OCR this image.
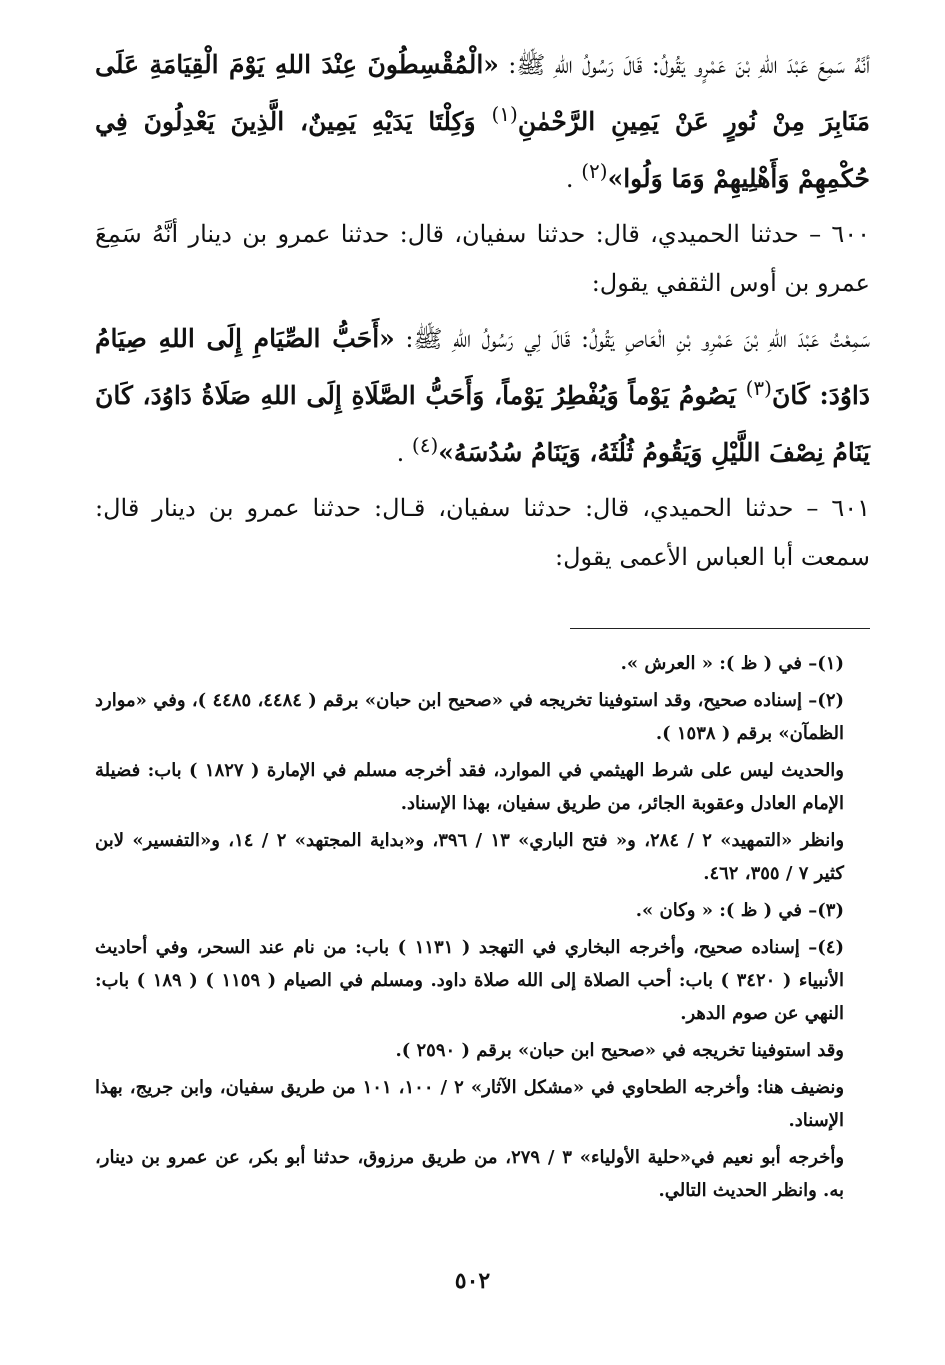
أنَّهُ سَمِعَ عَبْدَ اللهِ بْنَ عَمْرٍو يَقُولُ: قَالَ رَسُولُ اللهِ ﷺ: «الْمُقْسِطُونَ عِنْدَ اللهِ يَوْمَ الْقِيَامَةِ عَلَى مَنَابِرَ مِنْ نُورٍ عَنْ يَمِينِ الرَّحْمٰنِ$^{(١)}$ وَكِلْتَا يَدَيْهِ يَمِينٌ، الَّذِينَ يَعْدِلُونَ فِي حُكْمِهِمْ وَأَهْلِيهِمْ وَمَا وَلُوا»$^{(٢)}$ .

٦٠٠ – حدثنا الحميدي، قال: حدثنا سفيان، قال: حدثنا عمرو بن دينار أنَّهُ سَمِعَ عمرو بن أوس الثقفي يقول:

سَمِعْتُ عَبْدَ اللهِ بْنَ عَمْرِو بْنِ الْعَاصِ يَقُولُ: قَالَ لِي رَسُولُ اللهِ ﷺ: «أَحَبُّ الصِّيَامِ إِلَى اللهِ صِيَامُ دَاوُدَ: كَانَ$^{(٣)}$ يَصُومُ يَوْماً وَيُفْطِرُ يَوْماً، وَأَحَبُّ الصَّلَاةِ إِلَى اللهِ صَلَاةُ دَاوُدَ، كَانَ يَنَامُ نِصْفَ اللَّيْلِ وَيَقُومُ ثُلُثَهُ، وَيَنَامُ سُدُسَهُ»$^{(٤)}$ .

٦٠١ – حدثنا الحميدي، قال: حدثنا سفيان، قـال: حدثنا عمرو بن دينار قال: سمعت أبا العباس الأعمى يقول:

(١)– في ( ظ ): « العرش ».

(٢)– إسناده صحيح، وقد استوفينا تخريجه في «صحيح ابن حبان» برقم ( ٤٤٨٤، ٤٤٨٥ )، وفي «موارد الظمآن» برقم ( ١٥٣٨ ).

والحديث ليس على شرط الهيثمي في الموارد، فقد أخرجه مسلم في الإمارة ( ١٨٢٧ ) باب: فضيلة الإمام العادل وعقوبة الجائر، من طريق سفيان، بهذا الإسناد.

وانظر «التمهيد» ٢ / ٢٨٤، و« فتح الباري» ١٣ / ٣٩٦، و«بداية المجتهد» ٢ / ١٤، و«التفسير» لابن كثير ٧ / ٣٥٥، ٤٦٢.

(٣)– في ( ظ ): « وكان ».

(٤)– إسناده صحيح، وأخرجه البخاري في التهجد ( ١١٣١ ) باب: من نام عند السحر، وفي أحاديث الأنبياء ( ٣٤٢٠ ) باب: أحب الصلاة إلى الله صلاة داود. ومسلم في الصيام ( ١١٥٩ ) ( ١٨٩ ) باب: النهي عن صوم الدهر.

وقد استوفينا تخريجه في «صحيح ابن حبان» برقم ( ٢٥٩٠ ).

ونضيف هنا: وأخرجه الطحاوي في «مشكل الآثار» ٢ / ١٠٠، ١٠١ من طريق سفيان، وابن جريج، بهذا الإسناد.

وأخرجه أبو نعيم في«حلية الأولياء» ٣ / ٢٧٩، من طريق مرزوق، حدثنا أبو بكر، عن عمرو بن دينار، به. وانظر الحديث التالي.

٥٠٢
